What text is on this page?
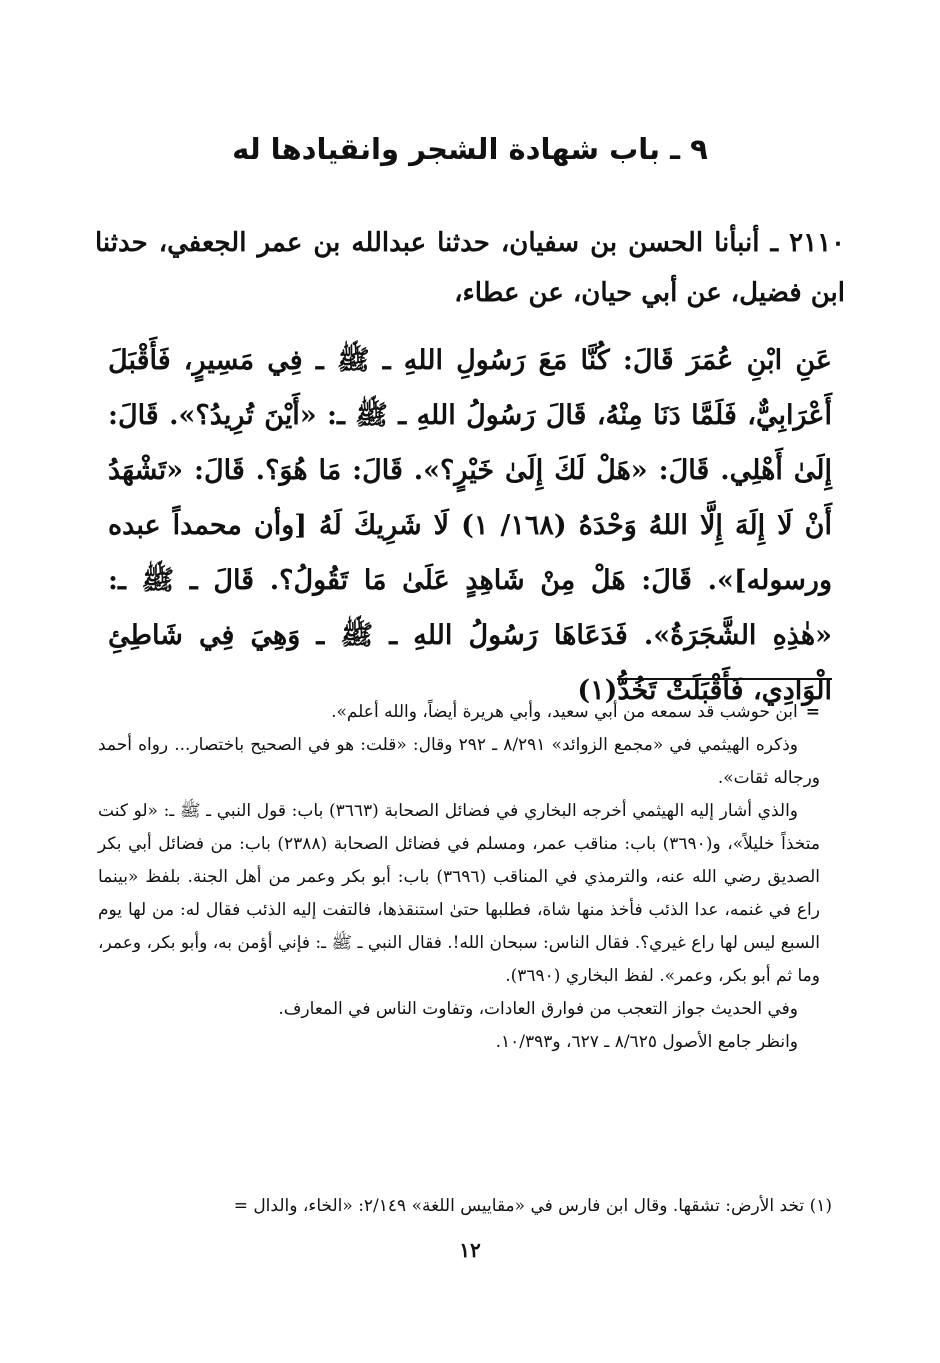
٩ ـ باب شهادة الشجر وانقيادها له
٢١١٠ ـ أنبأنا الحسن بن سفيان، حدثنا عبدالله بن عمر الجعفي، حدثنا ابن فضيل، عن أبي حيان، عن عطاء،
عَنِ ابْنِ عُمَرَ قَالَ: كُنَّا مَعَ رَسُولِ اللهِ ـ ﷺ ـ فِي مَسِيرٍ، فَأَقْبَلَ أَعْرَابِيٌّ، فَلَمَّا دَنَا مِنْهُ، قَالَ رَسُولُ اللهِ ـ ﷺ ـ: «أَيْنَ تُرِيدُ؟». قَالَ: إِلَىٰ أَهْلِي. قَالَ: «هَلْ لَكَ إِلَىٰ خَيْرٍ؟». قَالَ: مَا هُوَ؟. قَالَ: «تَشْهَدُ أَنْ لَا إِلَهَ إِلَّا اللهُ وَحْدَهُ (١٦٨/ ١) لَا شَرِيكَ لَهُ [وأن محمداً عبده ورسوله]». قَالَ: هَلْ مِنْ شَاهِدٍ عَلَىٰ مَا تَقُولُ؟. قَالَ ـ ﷺ ـ: «هٰذِهِ الشَّجَرَةُ». فَدَعَاهَا رَسُولُ اللهِ ـ ﷺ ـ وَهِيَ فِي شَاطِئِ الْوَادِي، فَأَقْبَلَتْ تَخُدُّ(١)

=ابن حوشب قد سمعه من أبي سعيد، وأبي هريرة أيضاً، والله أعلم».

وذكره الهيثمي في «مجمع الزوائد» ٨/٢٩١ ـ ٢٩٢ وقال: «قلت: هو في الصحيح باختصار... رواه أحمد ورجاله ثقات».

والذي أشار إليه الهيثمي أخرجه البخاري في فضائل الصحابة (٣٦٦٣) باب: قول النبي ـ ﷺ ـ: «لو كنت متخذاً خليلاً»، و(٣٦٩٠) باب: مناقب عمر، ومسلم في فضائل الصحابة (٢٣٨٨) باب: من فضائل أبي بكر الصديق رضي الله عنه، والترمذي في المناقب (٣٦٩٦) باب: أبو بكر وعمر من أهل الجنة. بلفظ «بينما راع في غنمه، عدا الذئب فأخذ منها شاة، فطلبها حتىٰ استنقذها، فالتفت إليه الذئب فقال له: من لها يوم السبع ليس لها راع غيري؟. فقال الناس: سبحان الله!. فقال النبي ـ ﷺ ـ: فإني أؤمن به، وأبو بكر، وعمر، وما ثم أبو بكر، وعمر». لفظ البخاري (٣٦٩٠).

وفي الحديث جواز التعجب من فوارق العادات، وتفاوت الناس في المعارف.

وانظر جامع الأصول ٨/٦٢٥ ـ ٦٢٧، و١٠/٣٩٣.

(١) تخد الأرض: تشقها. وقال ابن فارس في «مقاييس اللغة» ٢/١٤٩: «الخاء، والدال =
١٢
